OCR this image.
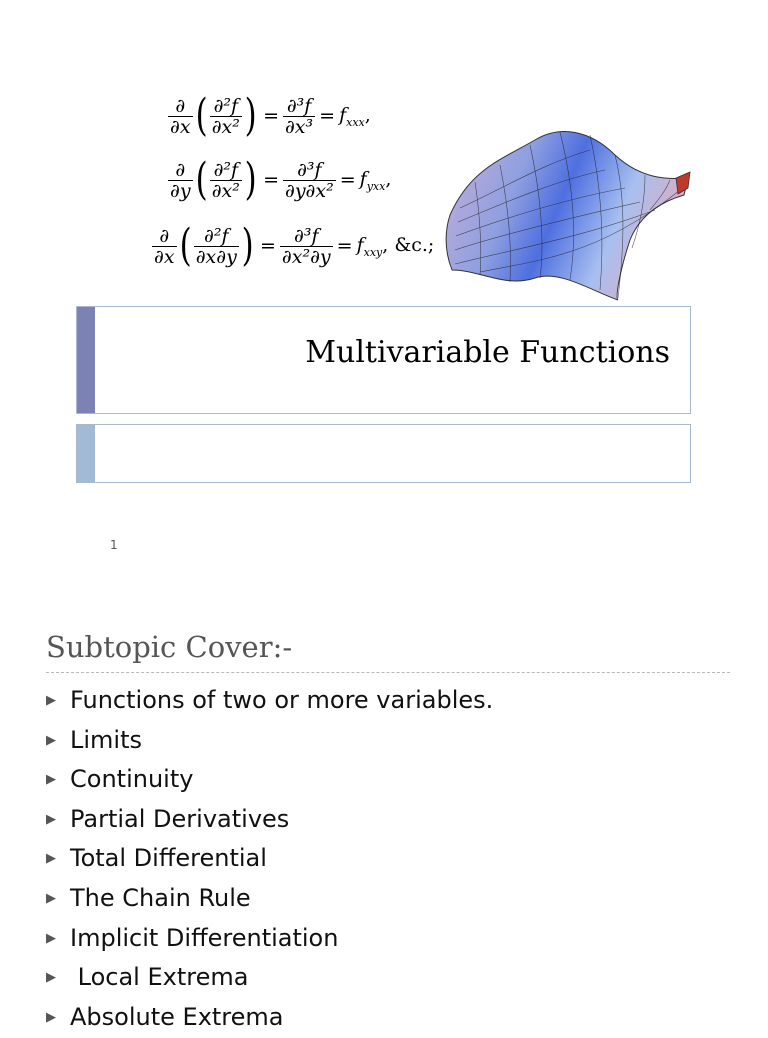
$\frac{\partial}{\partial x}$ ( $\frac{\text{∂²f}}{\text{∂x²}}$ ) = $\frac{\text{∂³f}}{\text{∂x³}} = f_{xxx}$,
$\frac{\partial}{\partial y}$ ( $\frac{\text{∂²f}}{\text{∂x²}}$ ) = $\frac{\text{∂³f}}{\text{∂y∂x²}} = f_{yxx}$,
$\frac{\partial}{\partial x}$ ( $\frac{\text{∂²f}}{\partial x\partial y}$ ) = $\frac{\text{∂³f}}{\text{∂x²∂y}} = f_{xxy}$, &c.;
Multivariable Functions
1
Subtopic Cover:-
▶ Functions of two or more variables.
▶ Limits
▶ Continuity
▶ Partial Derivatives
▶ Total Differential
▶ The Chain Rule
▶ Implicit Differentiation
▶ Local Extrema
▶ Absolute Extrema
